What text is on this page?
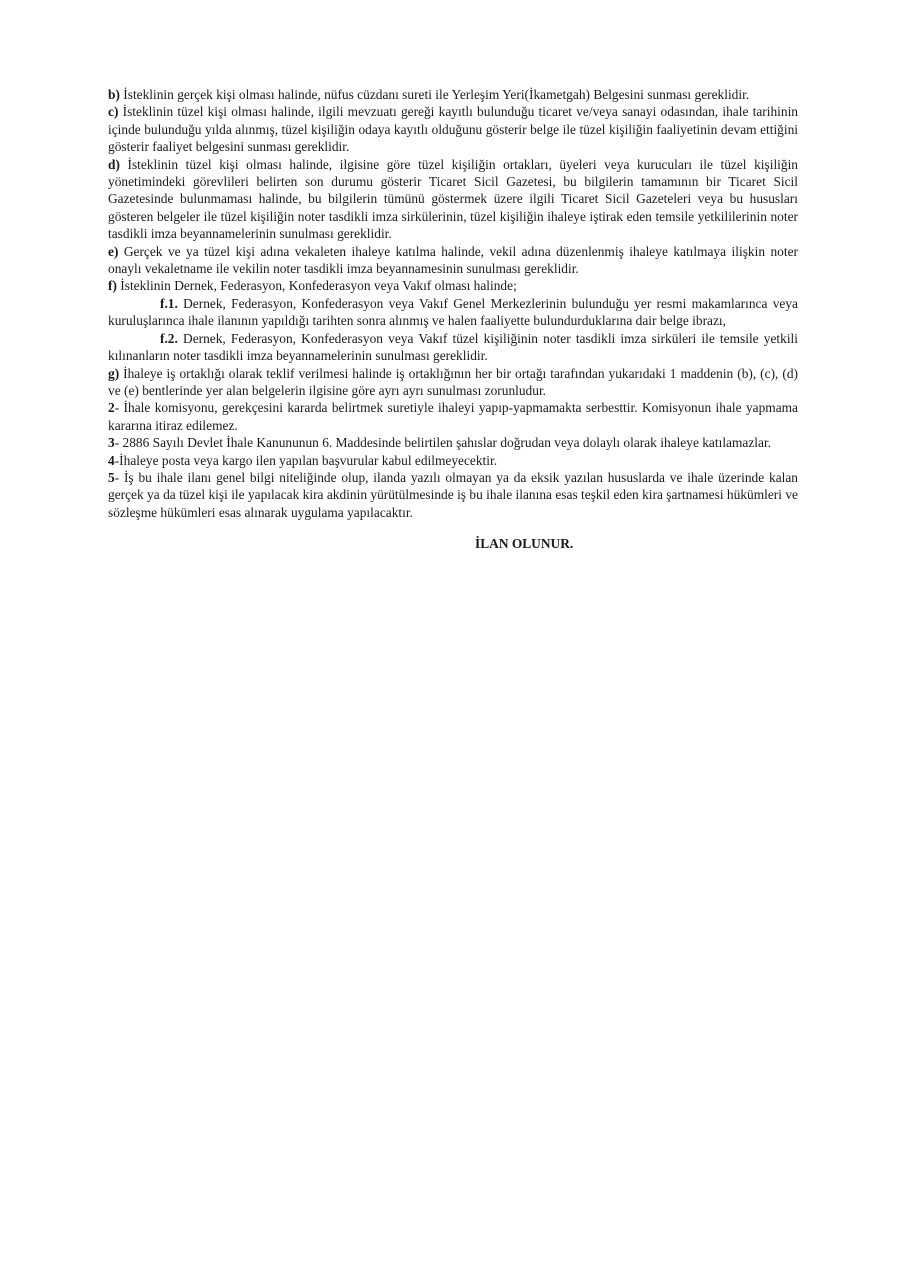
b) İsteklinin gerçek kişi olması halinde, nüfus cüzdanı sureti ile Yerleşim Yeri(İkametgah) Belgesini sunması gereklidir.

c) İsteklinin tüzel kişi olması halinde, ilgili mevzuatı gereği kayıtlı bulunduğu ticaret ve/veya sanayi odasından, ihale tarihinin içinde bulunduğu yılda alınmış, tüzel kişiliğin odaya kayıtlı olduğunu gösterir belge ile tüzel kişiliğin faaliyetinin devam ettiğini gösterir faaliyet belgesini sunması gereklidir.

d) İsteklinin tüzel kişi olması halinde, ilgisine göre tüzel kişiliğin ortakları, üyeleri veya kurucuları ile tüzel kişiliğin yönetimindeki görevlileri belirten son durumu gösterir Ticaret Sicil Gazetesi, bu bilgilerin tamamının bir Ticaret Sicil Gazetesinde bulunmaması halinde, bu bilgilerin tümünü göstermek üzere ilgili Ticaret Sicil Gazeteleri veya bu hususları gösteren belgeler ile tüzel kişiliğin noter tasdikli imza sirkülerinin, tüzel kişiliğin ihaleye iştirak eden temsile yetkililerinin noter tasdikli imza beyannamelerinin sunulması gereklidir.

e) Gerçek ve ya tüzel kişi adına vekaleten ihaleye katılma halinde, vekil adına düzenlenmiş ihaleye katılmaya ilişkin noter onaylı vekaletname ile vekilin noter tasdikli imza beyannamesinin sunulması gereklidir.

f) İsteklinin Dernek, Federasyon, Konfederasyon veya Vakıf olması halinde;

f.1. Dernek, Federasyon, Konfederasyon veya Vakıf Genel Merkezlerinin bulunduğu yer resmi makamlarınca veya kuruluşlarınca ihale ilanının yapıldığı tarihten sonra alınmış ve halen faaliyette bulundurduklarına dair belge ibrazı,

f.2. Dernek, Federasyon, Konfederasyon veya Vakıf tüzel kişiliğinin noter tasdikli imza sirküleri ile temsile yetkili kılınanların noter tasdikli imza beyannamelerinin sunulması gereklidir.

g) İhaleye iş ortaklığı olarak teklif verilmesi halinde iş ortaklığının her bir ortağı tarafından yukarıdaki 1 maddenin (b), (c), (d) ve (e) bentlerinde yer alan belgelerin ilgisine göre ayrı ayrı sunulması zorunludur.

2- İhale komisyonu, gerekçesini kararda belirtmek suretiyle ihaleyi yapıp-yapmamakta serbesttir. Komisyonun ihale yapmama kararına itiraz edilemez.

3- 2886 Sayılı Devlet İhale Kanununun 6. Maddesinde belirtilen şahıslar doğrudan veya dolaylı olarak ihaleye katılamazlar.

4-İhaleye posta veya kargo ilen yapılan başvurular kabul edilmeyecektir.

5- İş bu ihale ilanı genel bilgi niteliğinde olup, ilanda yazılı olmayan ya da eksik yazılan hususlarda ve ihale üzerinde kalan gerçek ya da tüzel kişi ile yapılacak kira akdinin yürütülmesinde iş bu ihale ilanına esas teşkil eden kira şartnamesi hükümleri ve sözleşme hükümleri esas alınarak uygulama yapılacaktır.

İLAN OLUNUR.
